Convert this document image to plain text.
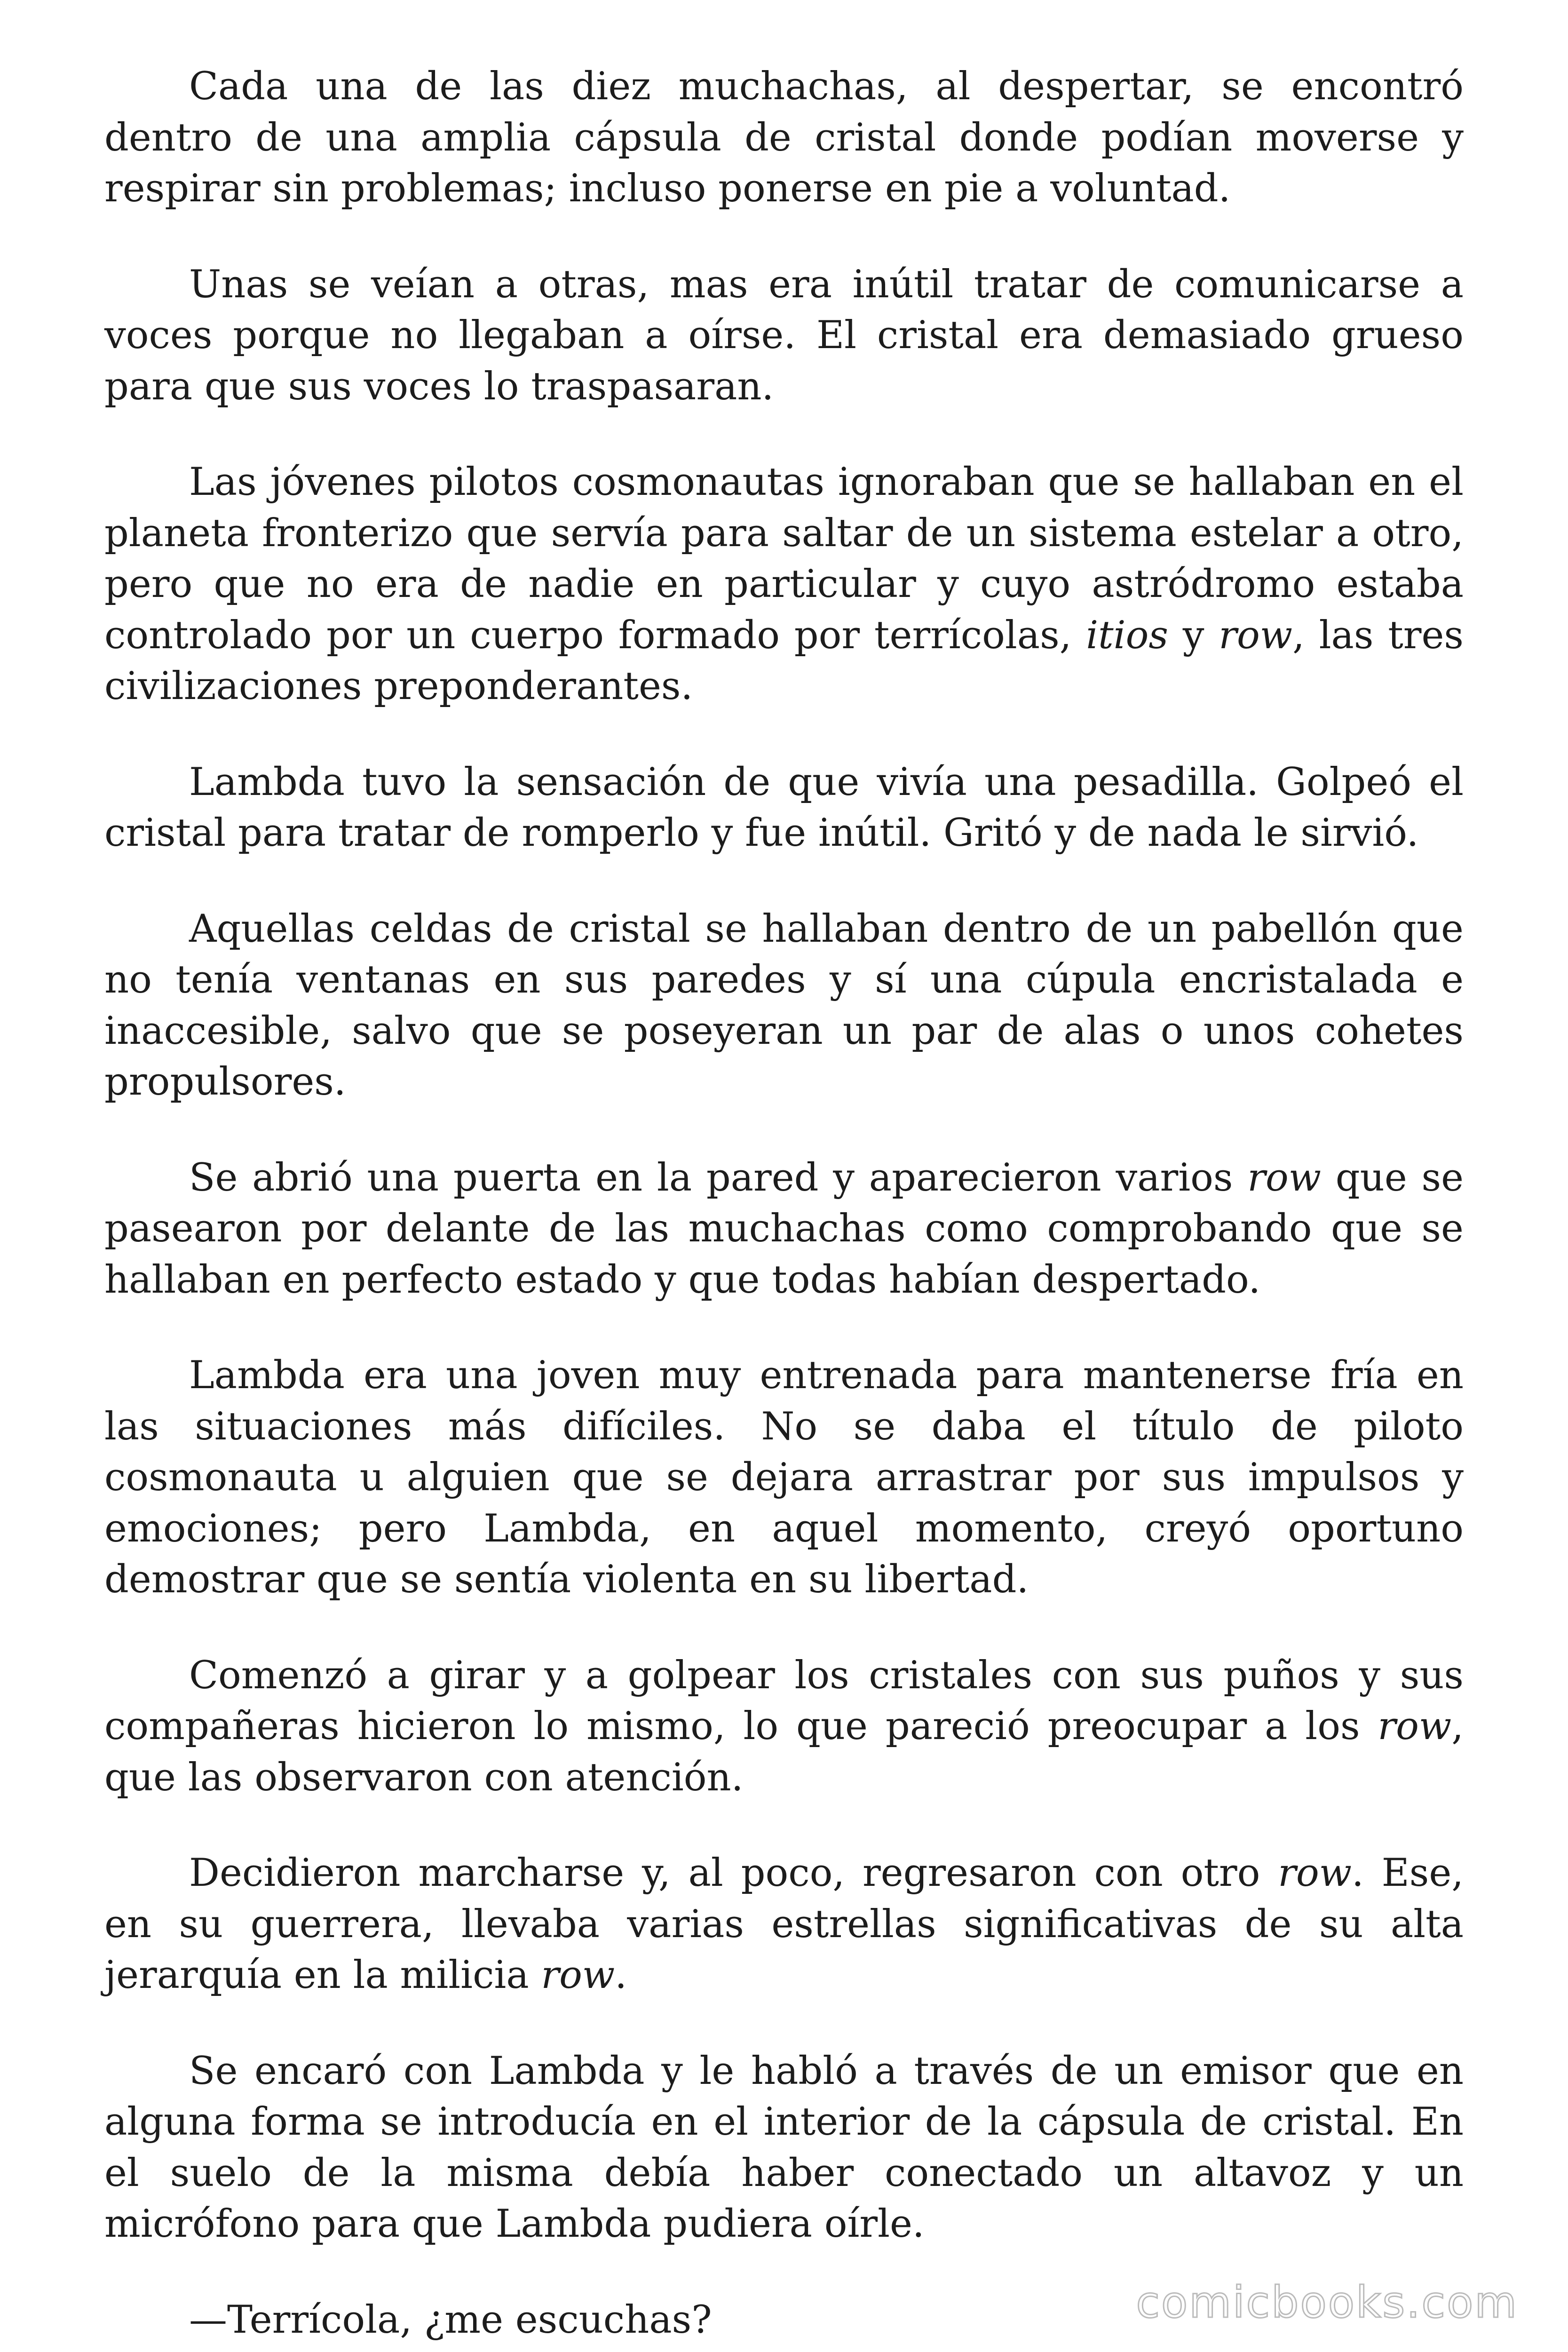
Cada una de las diez muchachas, al despertar, se encontró dentro de una amplia cápsula de cristal donde podían moverse y respirar sin problemas; incluso ponerse en pie a voluntad.

Unas se veían a otras, mas era inútil tratar de comunicarse a voces porque no llegaban a oírse. El cristal era demasiado grueso para que sus voces lo traspasaran.

Las jóvenes pilotos cosmonautas ignoraban que se hallaban en el planeta fronterizo que servía para saltar de un sistema estelar a otro, pero que no era de nadie en particular y cuyo astródromo estaba controlado por un cuerpo formado por terrícolas, itios y row, las tres civilizaciones preponderantes.

Lambda tuvo la sensación de que vivía una pesadilla. Golpeó el cristal para tratar de romperlo y fue inútil. Gritó y de nada le sirvió.

Aquellas celdas de cristal se hallaban dentro de un pabellón que no tenía ventanas en sus paredes y sí una cúpula encristalada e inaccesible, salvo que se poseyeran un par de alas o unos cohetes propulsores.

Se abrió una puerta en la pared y aparecieron varios row que se pasearon por delante de las muchachas como comprobando que se hallaban en perfecto estado y que todas habían despertado.

Lambda era una joven muy entrenada para mantenerse fría en las situaciones más difíciles. No se daba el título de piloto cosmonauta u alguien que se dejara arrastrar por sus impulsos y emociones; pero Lambda, en aquel momento, creyó oportuno demostrar que se sentía violenta en su libertad.

Comenzó a girar y a golpear los cristales con sus puños y sus compañeras hicieron lo mismo, lo que pareció preocupar a los row, que las observaron con atención.

Decidieron marcharse y, al poco, regresaron con otro row. Ese, en su guerrera, llevaba varias estrellas significativas de su alta jerarquía en la milicia row.

Se encaró con Lambda y le habló a través de un emisor que en alguna forma se introducía en el interior de la cápsula de cristal. En el suelo de la misma debía haber conectado un altavoz y un micrófono para que Lambda pudiera oírle.

—Terrícola, ¿me escuchas?	comicbooks.com
